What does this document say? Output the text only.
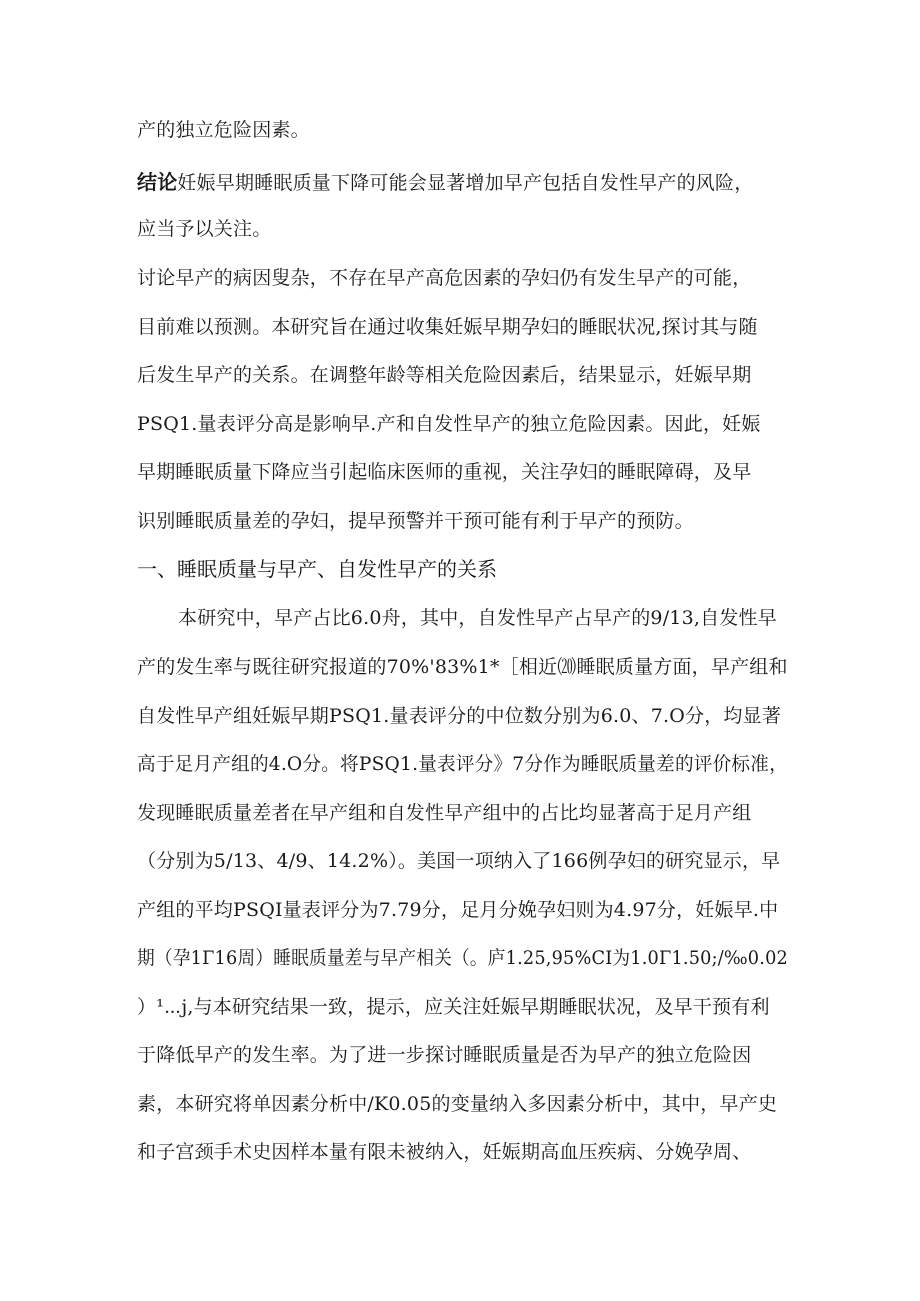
产的独立危险因素。
结论妊娠早期睡眠质量下降可能会显著增加早产包括自发性早产的风险，
应当予以关注。
讨论早产的病因叟杂，不存在早产高危因素的孕妇仍有发生早产的可能，
目前难以预测。本研究旨在通过收集妊娠早期孕妇的睡眠状况,探讨其与随
后发生早产的关系。在调整年龄等相关危险因素后，结果显示，妊娠早期
PSQ1.量表评分高是影响早.产和自发性早产的独立危险因素。因此，妊娠
早期睡眠质量下降应当引起临床医师的重视，关注孕妇的睡眠障碍，及早
识别睡眠质量差的孕妇，提早预警并干预可能有利于早产的预防。
一、睡眠质量与早产、自发性早产的关系
本研究中，早产占比6.0舟，其中，自发性早产占早产的9/13,自发性早
产的发生率与既往研究报道的70%'83%1*［相近⒇睡眠质量方面，早产组和
自发性早产组妊娠早期PSQ1.量表评分的中位数分别为6.0、7.O分，均显著
高于足月产组的4.O分。将PSQ1.量表评分》7分作为睡眠质量差的评价标准，
发现睡眠质量差者在早产组和自发性早产组中的占比均显著高于足月产组
（分别为5/13、4/9、14.2%）。美国一项纳入了166例孕妇的研究显示，早
产组的平均PSQI量表评分为7.79分，足月分娩孕妇则为4.97分，妊娠早.中
期（孕1Γ16周）睡眠质量差与早产相关（。庐1.25,95%CI为1.0Γ1.50;∕‰0.02
）¹⋯j,与本研究结果一致，提示，应关注妊娠早期睡眠状况，及早干预有利
于降低早产的发生率。为了进一步探讨睡眠质量是否为早产的独立危险因
素，本研究将单因素分析中/K0.05的变量纳入多因素分析中，其中，早产史
和子宫颈手术史因样本量有限未被纳入，妊娠期高血压疾病、分娩孕周、
